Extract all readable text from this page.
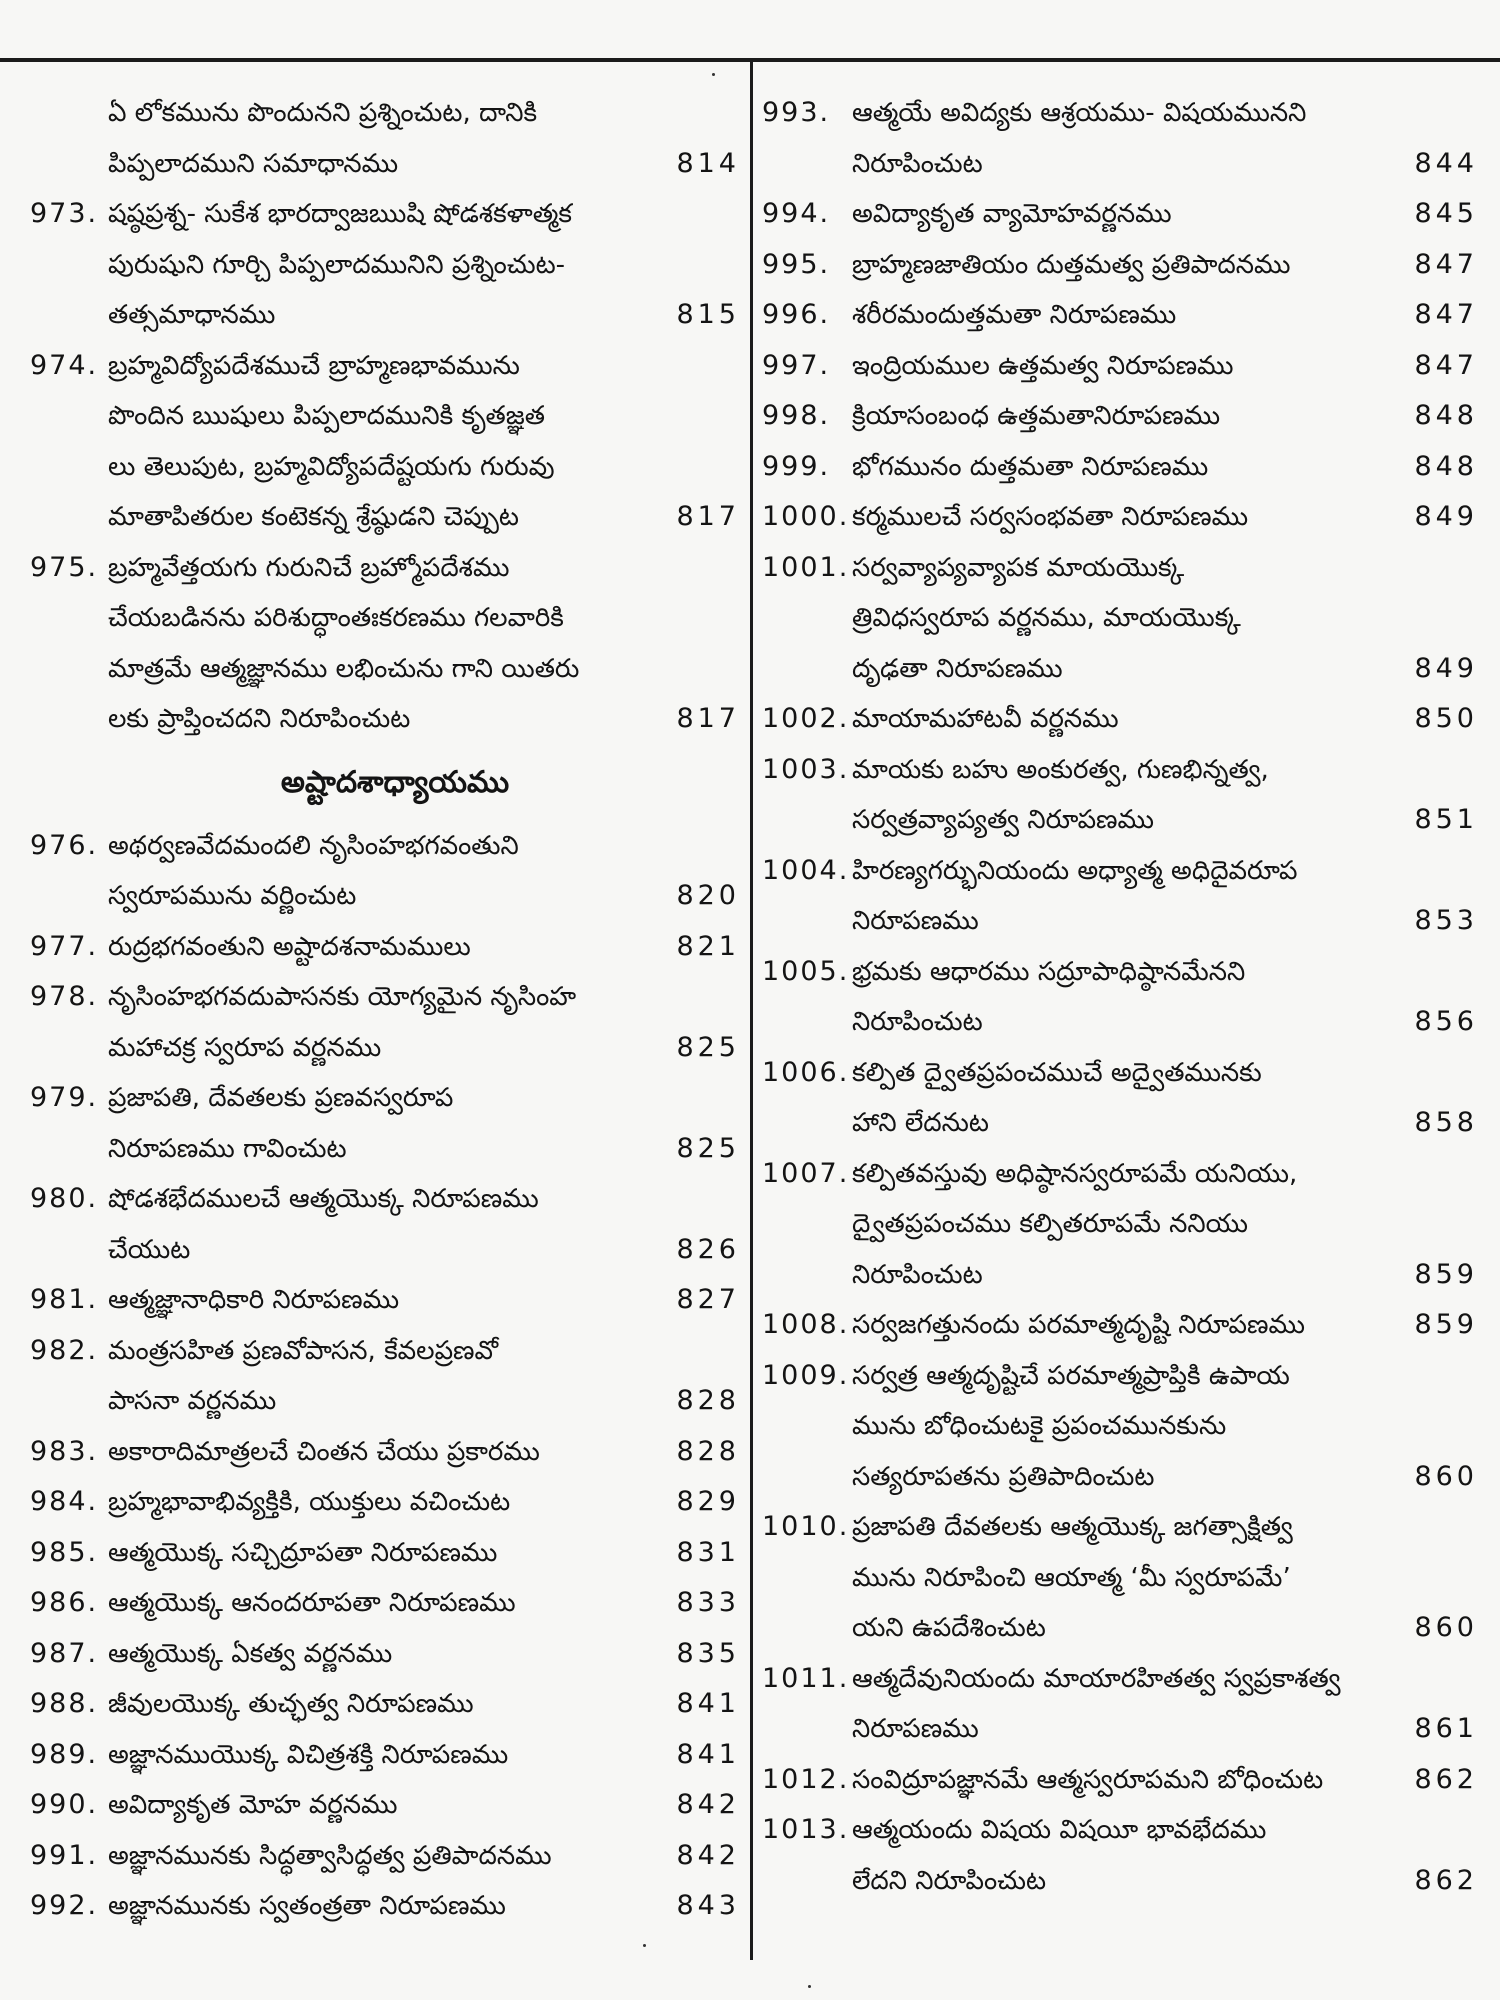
ఏ లోకమును పొందునని ప్రశ్నించుట, దానికి
పిప్పలాదముని సమాధానము	814
973. షష్ఠప్రశ్న- సుకేశ భారద్వాజఋషి షోడశకళాత్మక
పురుషుని గూర్చి పిప్పలాదమునిని ప్రశ్నించుట-
తత్సమాధానము	815
974. బ్రహ్మవిద్యోపదేశముచే బ్రాహ్మణభావమును
పొందిన ఋషులు పిప్పలాదమునికి కృతజ్ఞత
లు తెలుపుట, బ్రహ్మవిద్యోపదేష్టయగు గురువు
మాతాపితరుల కంటెకన్న శ్రేష్ఠుడని చెప్పుట	817
975. బ్రహ్మవేత్తయగు గురునిచే బ్రహ్మోపదేశము
చేయబడినను పరిశుద్ధాంతఃకరణము గలవారికి
మాత్రమే ఆత్మజ్ఞానము లభించును గాని యితరు
లకు ప్రాప్తించదని నిరూపించుట	817
అష్టాదశాధ్యాయము
976. అథర్వణవేదమందలి నృసింహభగవంతుని
స్వరూపమును వర్ణించుట	820
977. రుద్రభగవంతుని అష్టాదశనామములు	821
978. నృసింహభగవదుపాసనకు యోగ్యమైన నృసింహ
మహాచక్ర స్వరూప వర్ణనము	825
979. ప్రజాపతి, దేవతలకు ప్రణవస్వరూప
నిరూపణము గావించుట	825
980. షోడశభేదములచే ఆత్మయొక్క నిరూపణము
చేయుట	826
981. ఆత్మజ్ఞానాధికారి నిరూపణము	827
982. మంత్రసహిత ప్రణవోపాసన, కేవలప్రణవో
పాసనా వర్ణనము	828
983. అకారాదిమాత్రలచే చింతన చేయు ప్రకారము	828
984. బ్రహ్మభావాభివ్యక్తికి, యుక్తులు వచించుట	829
985. ఆత్మయొక్క సచ్చిద్రూపతా నిరూపణము	831
986. ఆత్మయొక్క ఆనందరూపతా నిరూపణము	833
987. ఆత్మయొక్క ఏకత్వ వర్ణనము	835
988. జీవులయొక్క తుచ్ఛత్వ నిరూపణము	841
989. అజ్ఞానముయొక్క విచిత్రశక్తి నిరూపణము	841
990. అవిద్యాకృత మోహ వర్ణనము	842
991. అజ్ఞానమునకు సిద్ధత్వాసిద్ధత్వ ప్రతిపాదనము	842
992. అజ్ఞానమునకు స్వతంత్రతా నిరూపణము	843
993. ఆత్మయే అవిద్యకు ఆశ్రయము- విషయమునని
నిరూపించుట	844
994. అవిద్యాకృత వ్యామోహవర్ణనము	845
995. బ్రాహ్మణజాతియం దుత్తమత్వ ప్రతిపాదనము	847
996. శరీరమందుత్తమతా నిరూపణము	847
997. ఇంద్రియముల ఉత్తమత్వ నిరూపణము	847
998. క్రియాసంబంధ ఉత్తమతానిరూపణము	848
999. భోగమునం దుత్తమతా నిరూపణము	848
1000. కర్మములచే సర్వసంభవతా నిరూపణము	849
1001. సర్వవ్యాప్యవ్యాపక మాయయొక్క
త్రివిధస్వరూప వర్ణనము, మాయయొక్క
దృఢతా నిరూపణము	849
1002. మాయామహాటవీ వర్ణనము	850
1003. మాయకు బహు అంకురత్వ, గుణభిన్నత్వ,
సర్వత్రవ్యాప్యత్వ నిరూపణము	851
1004. హిరణ్యగర్భునియందు అధ్యాత్మ అధిదైవరూప
నిరూపణము	853
1005. భ్రమకు ఆధారము సద్రూపాధిష్ఠానమేనని
నిరూపించుట	856
1006. కల్పిత ద్వైతప్రపంచముచే అద్వైతమునకు
హాని లేదనుట	858
1007. కల్పితవస్తువు అధిష్ఠానస్వరూపమే యనియు,
ద్వైతప్రపంచము కల్పితరూపమే ననియు
నిరూపించుట	859
1008. సర్వజగత్తునందు పరమాత్మదృష్టి నిరూపణము	859
1009. సర్వత్ర ఆత్మదృష్టిచే పరమాత్మప్రాప్తికి ఉపాయ
మును బోధించుటకై ప్రపంచమునకును
సత్యరూపతను ప్రతిపాదించుట	860
1010. ప్రజాపతి దేవతలకు ఆత్మయొక్క జగత్సాక్షిత్వ
మును నిరూపించి ఆయాత్మ ‘మీ స్వరూపమే’
యని ఉపదేశించుట	860
1011. ఆత్మదేవునియందు మాయారహితత్వ స్వప్రకాశత్వ
నిరూపణము	861
1012. సంవిద్రూపజ్ఞానమే ఆత్మస్వరూపమని బోధించుట	862
1013. ఆత్మయందు విషయ విషయీ భావభేదము
లేదని నిరూపించుట	862
